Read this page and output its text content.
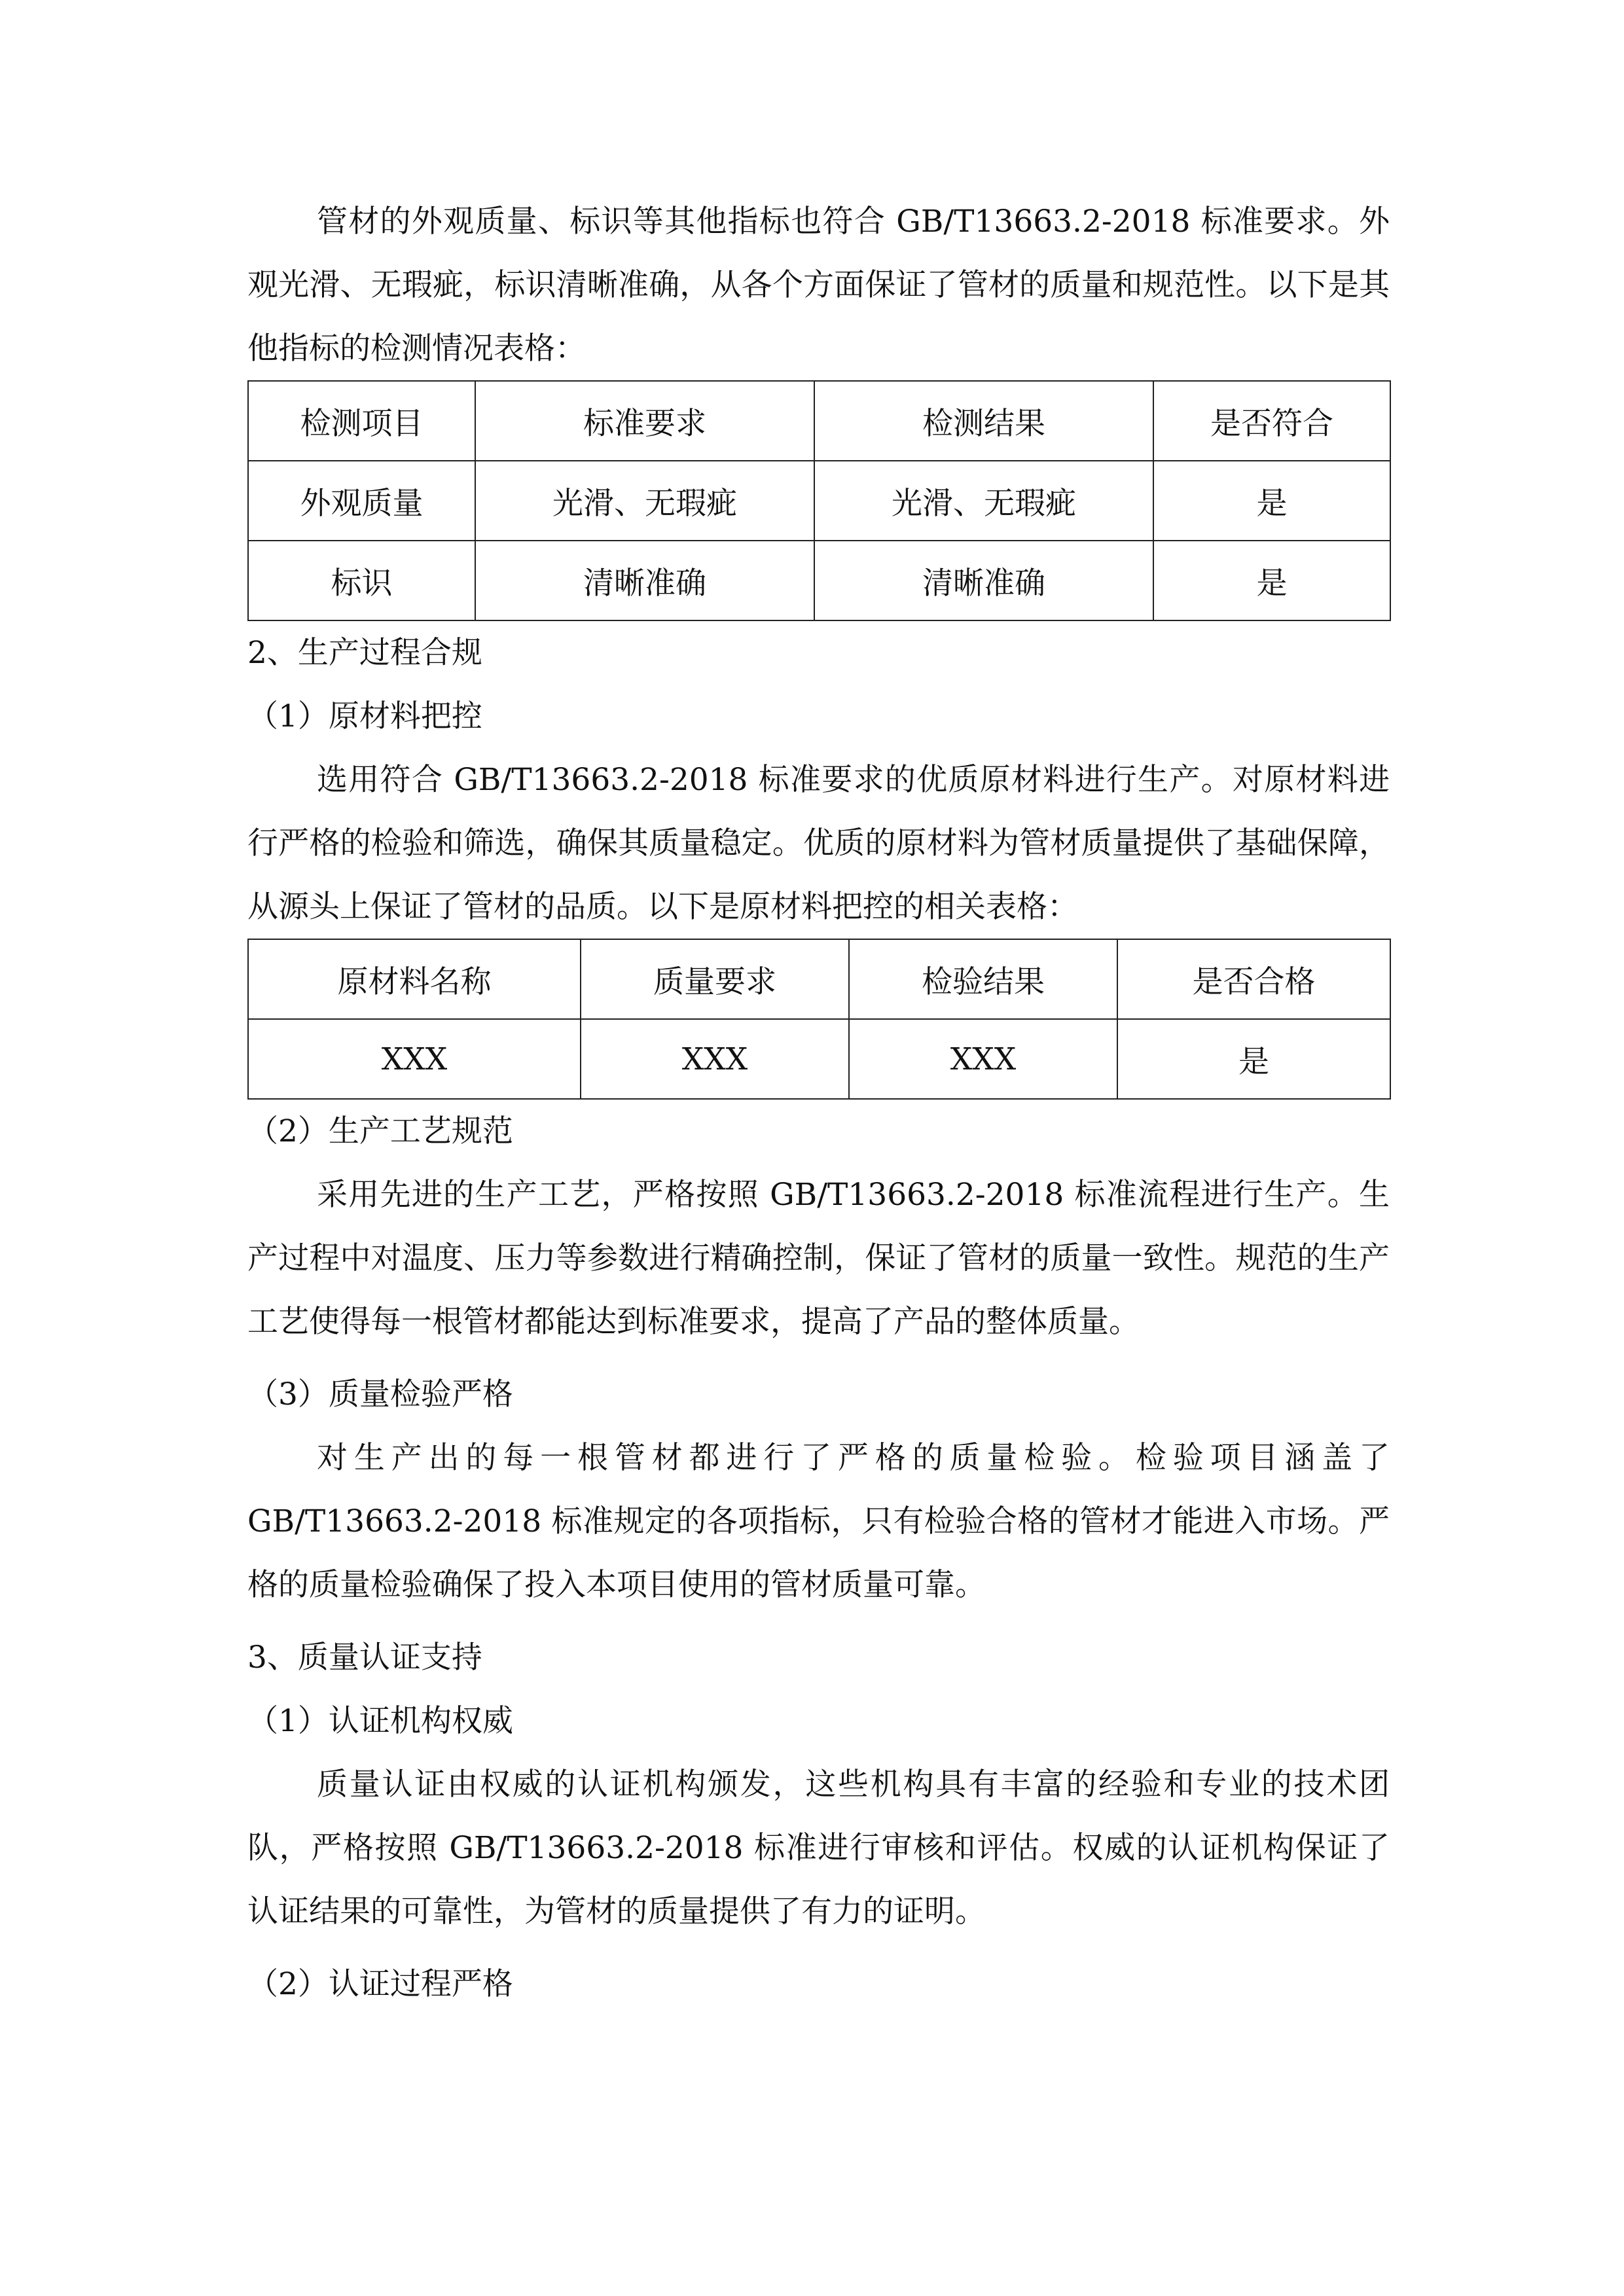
管材的外观质量、标识等其他指标也符合 GB/T13663.2-2018 标准要求。外观光滑、无瑕疵，标识清晰准确，从各个方面保证了管材的质量和规范性。以下是其他指标的检测情况表格：

检测项目	标准要求	检测结果	是否符合
外观质量	光滑、无瑕疵	光滑、无瑕疵	是
标识	清晰准确	清晰准确	是

2、生产过程合规

（1）原材料把控

选用符合 GB/T13663.2-2018 标准要求的优质原材料进行生产。对原材料进行严格的检验和筛选，确保其质量稳定。优质的原材料为管材质量提供了基础保障，从源头上保证了管材的品质。以下是原材料把控的相关表格：

原材料名称	质量要求	检验结果	是否合格
XXX	XXX	XXX	是

（2）生产工艺规范

采用先进的生产工艺，严格按照 GB/T13663.2-2018 标准流程进行生产。生产过程中对温度、压力等参数进行精确控制，保证了管材的质量一致性。规范的生产工艺使得每一根管材都能达到标准要求，提高了产品的整体质量。

（3）质量检验严格

对生产出的每一根管材都进行了严格的质量检验。检验项目涵盖了 GB/T13663.2-2018 标准规定的各项指标，只有检验合格的管材才能进入市场。严格的质量检验确保了投入本项目使用的管材质量可靠。

3、质量认证支持

（1）认证机构权威

质量认证由权威的认证机构颁发，这些机构具有丰富的经验和专业的技术团队，严格按照 GB/T13663.2-2018 标准进行审核和评估。权威的认证机构保证了认证结果的可靠性，为管材的质量提供了有力的证明。

（2）认证过程严格
